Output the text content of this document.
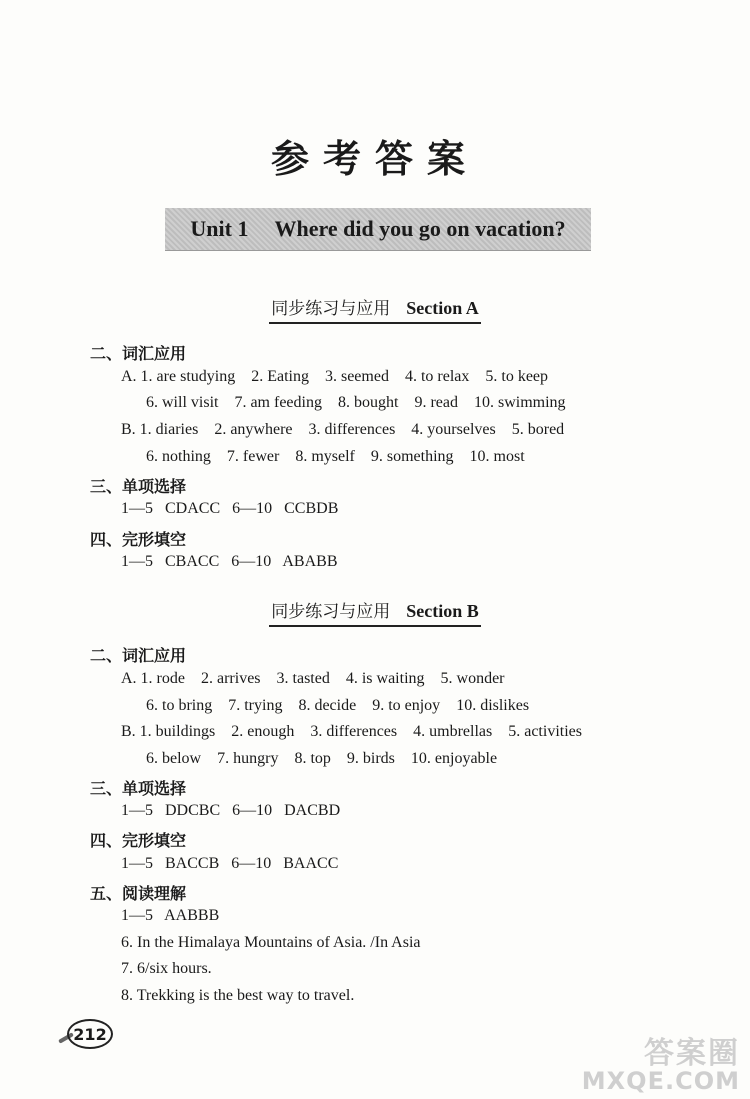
参考答案
Unit 1 Where did you go on vacation?
同步练习与应用 Section A
二、词汇应用
A. 1. are studying 2. Eating 3. seemed 4. to relax 5. to keep
6. will visit 7. am feeding 8. bought 9. read 10. swimming
B. 1. diaries 2. anywhere 3. differences 4. yourselves 5. bored
6. nothing 7. fewer 8. myself 9. something 10. most
三、单项选择
1—5   CDACC   6—10   CCBDB
四、完形填空
1—5   CBACC   6—10   ABABB
同步练习与应用 Section B
二、词汇应用
A. 1. rode 2. arrives 3. tasted 4. is waiting 5. wonder
6. to bring 7. trying 8. decide 9. to enjoy 10. dislikes
B. 1. buildings 2. enough 3. differences 4. umbrellas 5. activities
6. below 7. hungry 8. top 9. birds 10. enjoyable
三、单项选择
1—5   DDCBC   6—10   DACBD
四、完形填空
1—5   BACCB   6—10   BAACC
五、阅读理解
1—5   AABBB
6. In the Himalaya Mountains of Asia. /In Asia
7. 6/six hours.
8. Trekking is the best way to travel.
212
答案圈
MXQE.COM
